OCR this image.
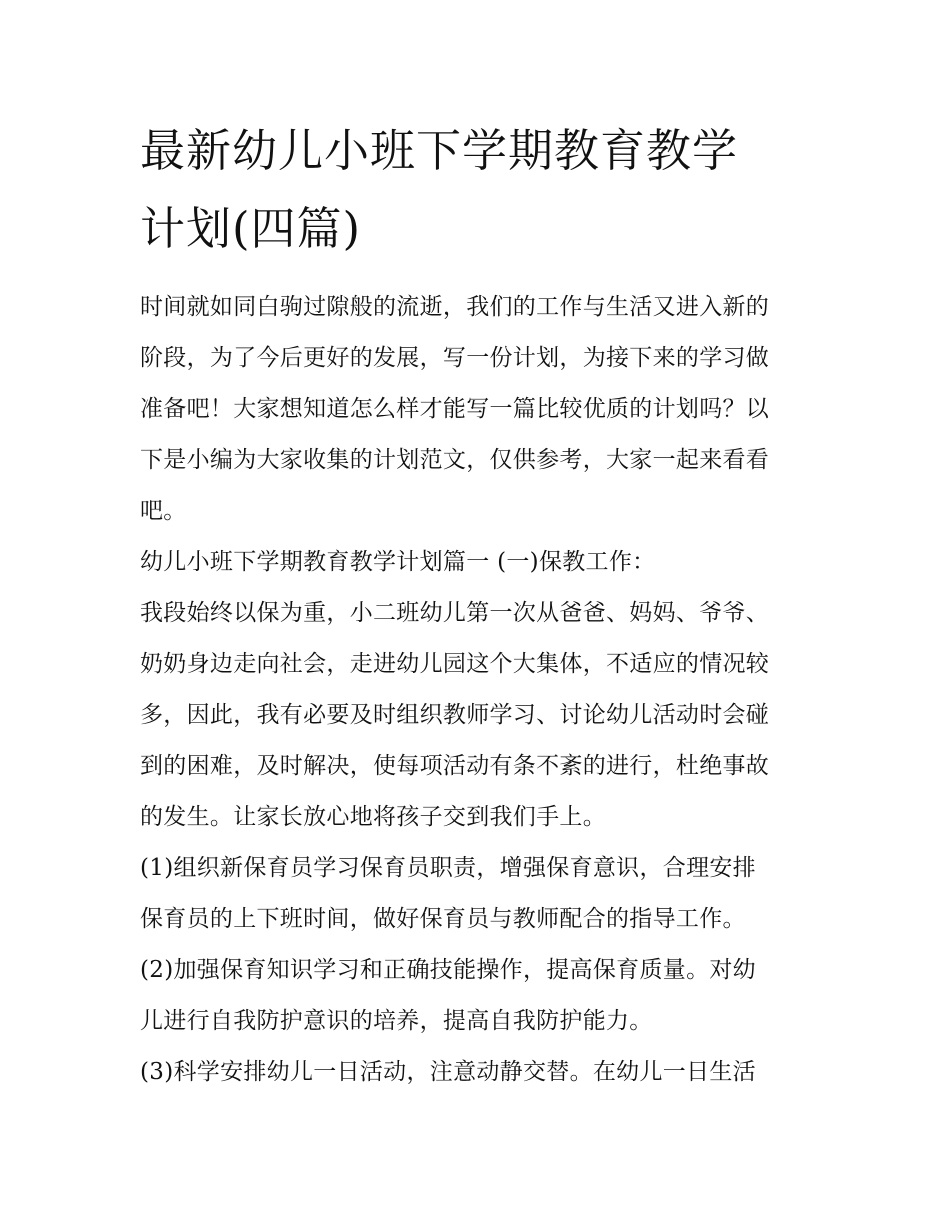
最新幼儿小班下学期教育教学
计划(四篇)

时间就如同白驹过隙般的流逝，我们的工作与生活又进入新的
阶段，为了今后更好的发展，写一份计划，为接下来的学习做
准备吧！大家想知道怎么样才能写一篇比较优质的计划吗？以
下是小编为大家收集的计划范文，仅供参考，大家一起来看看
吧。

幼儿小班下学期教育教学计划篇一 (一)保教工作：

我段始终以保为重，小二班幼儿第一次从爸爸、妈妈、爷爷、
奶奶身边走向社会，走进幼儿园这个大集体，不适应的情况较
多，因此，我有必要及时组织教师学习、讨论幼儿活动时会碰
到的困难，及时解决，使每项活动有条不紊的进行，杜绝事故
的发生。让家长放心地将孩子交到我们手上。

(1)组织新保育员学习保育员职责，增强保育意识，合理安排
保育员的上下班时间，做好保育员与教师配合的指导工作。

(2)加强保育知识学习和正确技能操作，提高保育质量。对幼
儿进行自我防护意识的培养，提高自我防护能力。

(3)科学安排幼儿一日活动，注意动静交替。在幼儿一日生活
